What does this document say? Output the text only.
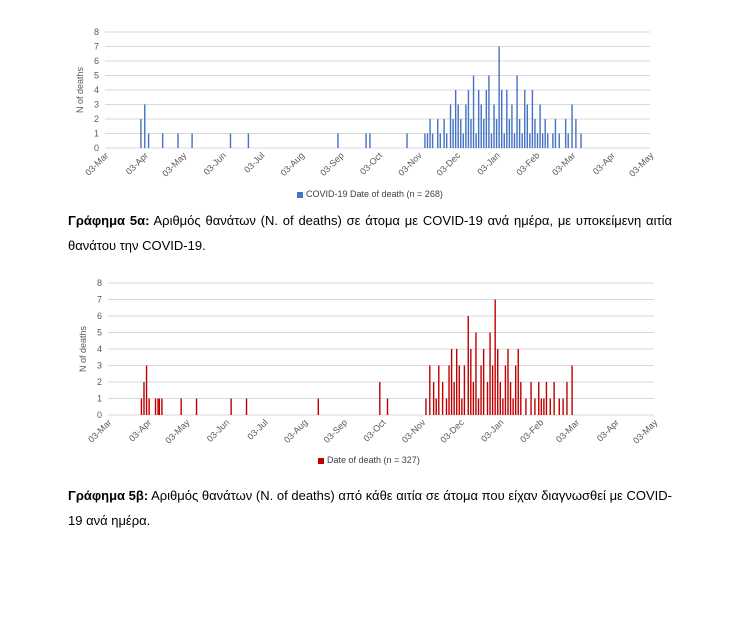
0
1
2
3
4
5
6
7
8
N of deaths
03-Mar 03-Apr 03-May 03-Jun 03-Jul 03-Aug 03-Sep 03-Oct 03-Nov 03-Dec 03-Jan 03-Feb 03-Mar 03-Apr 03-May
COVID-19 Date of death (n = 268)

Γράφημα 5α: Αριθμός θανάτων (N. of deaths) σε άτομα με COVID-19 ανά ημέρα, με υποκείμενη αιτία θανάτου την COVID-19.

0
1
2
3
4
5
6
7
8
N of deaths
03-Mar 03-Apr 03-May 03-Jun 03-Jul 03-Aug 03-Sep 03-Oct 03-Nov 03-Dec 03-Jan 03-Feb 03-Mar 03-Apr 03-May
Date of death (n = 327)

Γράφημα 5β: Αριθμός θανάτων (N. of deaths) από κάθε αιτία σε άτομα που είχαν διαγνωσθεί με COVID-19 ανά ημέρα.
